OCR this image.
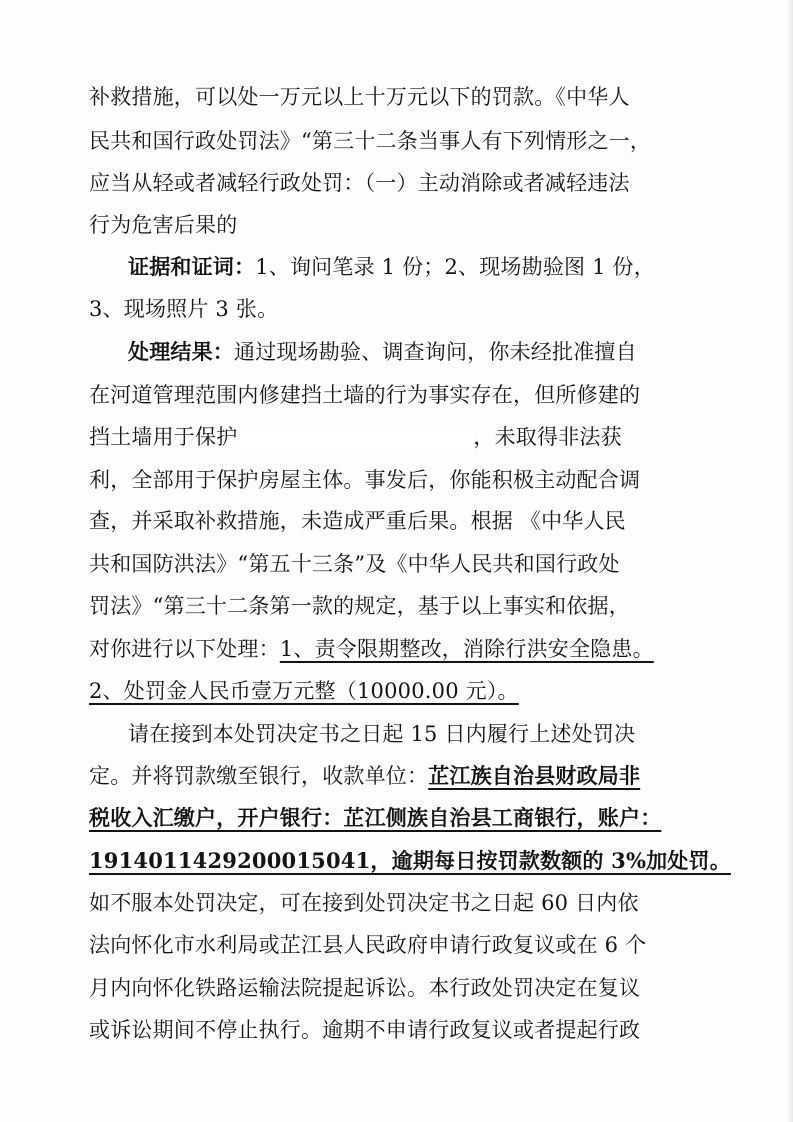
补救措施，可以处一万元以上十万元以下的罚款。《中华人
民共和国行政处罚法》“第三十二条当事人有下列情形之一，
应当从轻或者减轻行政处罚：（一）主动消除或者减轻违法
行为危害后果的
证据和证词：1、询问笔录 1 份；2、现场勘验图 1 份，
3、现场照片 3 张。
处理结果：通过现场勘验、调查询问，你未经批准擅自
在河道管理范围内修建挡土墙的行为事实存在，但所修建的
挡土墙用于保护	，未取得非法获
利，全部用于保护房屋主体。事发后，你能积极主动配合调
查，并采取补救措施，未造成严重后果。根据 《中华人民
共和国防洪法》“第五十三条”及《中华人民共和国行政处
罚法》“第三十二条第一款的规定，基于以上事实和依据，
对你进行以下处理：1、责令限期整改，消除行洪安全隐患。
2、处罚金人民币壹万元整（10000.00 元）。
请在接到本处罚决定书之日起 15 日内履行上述处罚决
定。并将罚款缴至银行，收款单位：芷江族自治县财政局非
税收入汇缴户，开户银行：芷江侧族自治县工商银行，账户：
1914011429200015041，逾期每日按罚款数额的 3%加处罚。
如不服本处罚决定，可在接到处罚决定书之日起 60 日内依
法向怀化市水利局或芷江县人民政府申请行政复议或在 6 个
月内向怀化铁路运输法院提起诉讼。本行政处罚决定在复议
或诉讼期间不停止执行。逾期不申请行政复议或者提起行政
